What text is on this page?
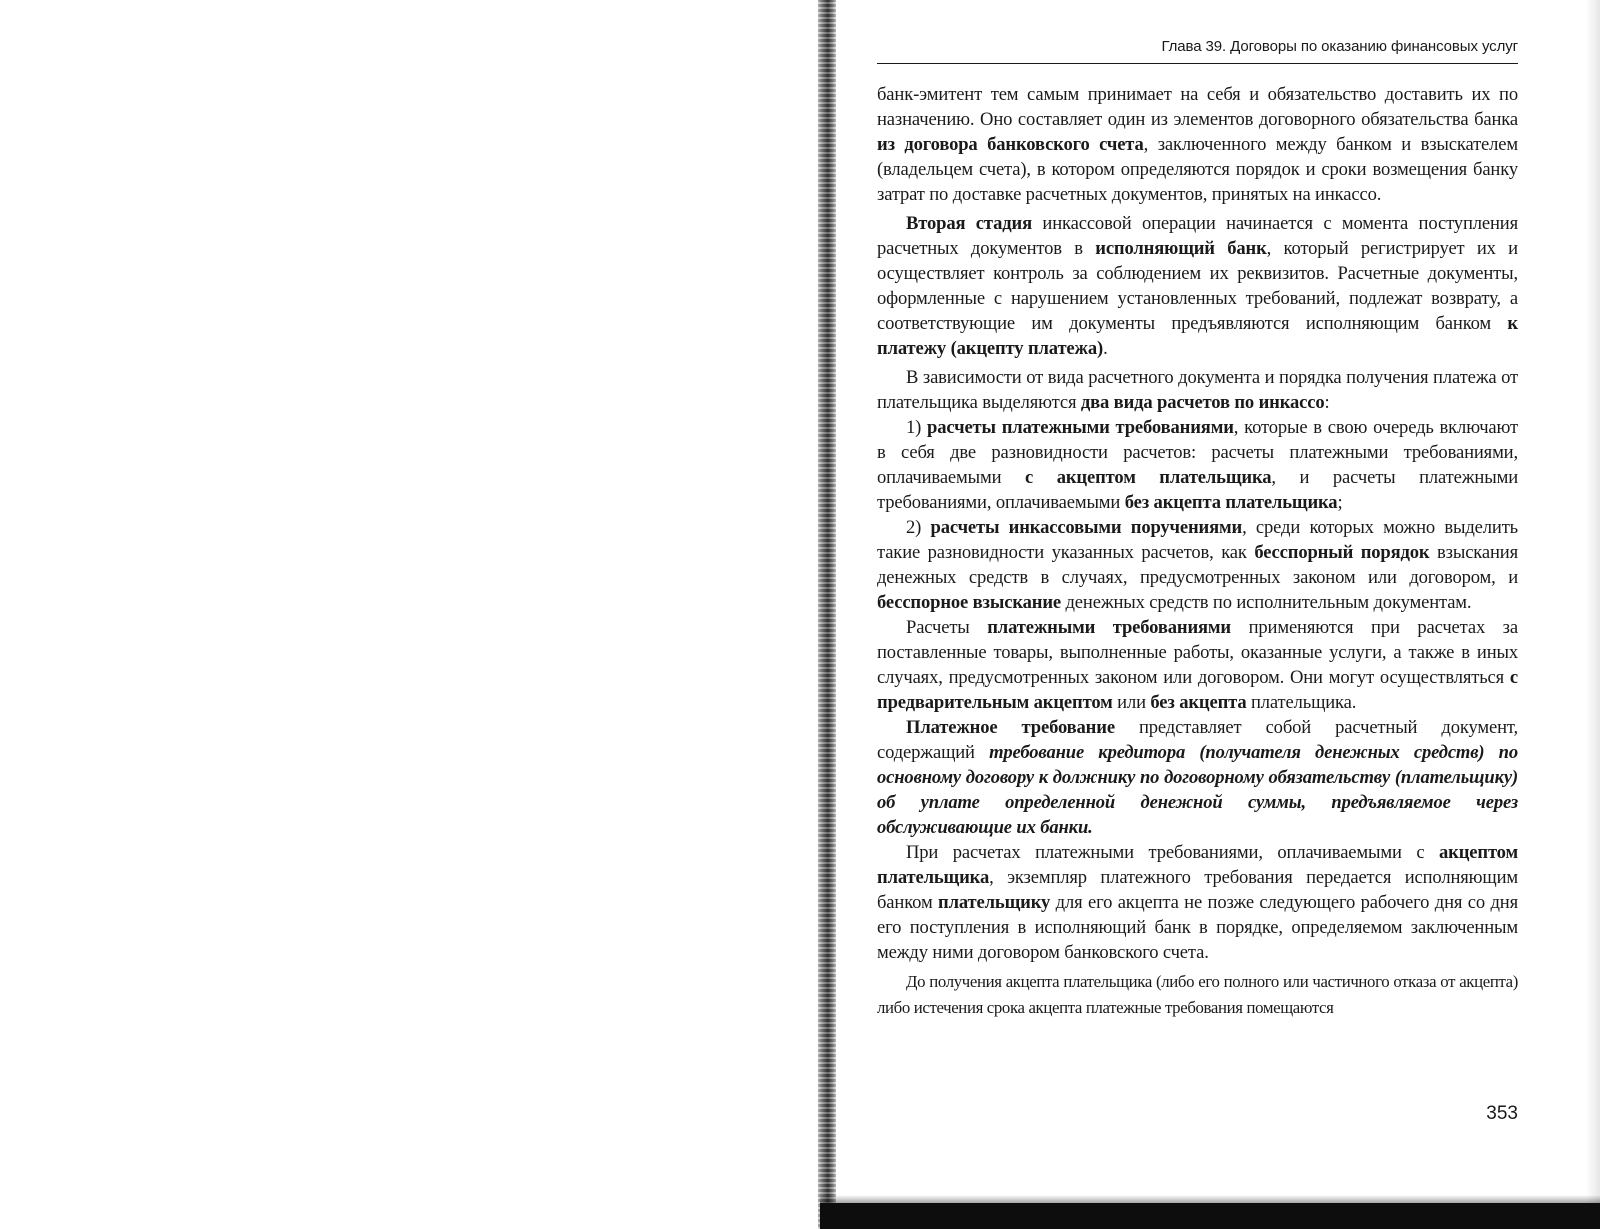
Глава 39. Договоры по оказанию финансовых услуг

банк-эмитент тем самым принимает на себя и обязательство доставить их по назначению. Оно составляет один из элементов договорного обязательства банка из договора банковского счета, заключенного между банком и взыскателем (владельцем счета), в котором определяются порядок и сроки возмещения банку затрат по доставке расчетных документов, принятых на инкассо.

Вторая стадия инкассовой операции начинается с момента поступления расчетных документов в исполняющий банк, который регистрирует их и осуществляет контроль за соблюдением их реквизитов. Расчетные документы, оформленные с нарушением установленных требований, подлежат возврату, а соответствующие им документы предъявляются исполняющим банком к платежу (акцепту платежа).

В зависимости от вида расчетного документа и порядка получения платежа от плательщика выделяются два вида расчетов по инкассо:

1) расчеты платежными требованиями, которые в свою очередь включают в себя две разновидности расчетов: расчеты платежными требованиями, оплачиваемыми с акцептом плательщика, и расчеты платежными требованиями, оплачиваемыми без акцепта плательщика;

2) расчеты инкассовыми поручениями, среди которых можно выделить такие разновидности указанных расчетов, как бесспорный порядок взыскания денежных средств в случаях, предусмотренных законом или договором, и бесспорное взыскание денежных средств по исполнительным документам.

Расчеты платежными требованиями применяются при расчетах за поставленные товары, выполненные работы, оказанные услуги, а также в иных случаях, предусмотренных законом или договором. Они могут осуществляться с предварительным акцептом или без акцепта плательщика.

Платежное требование представляет собой расчетный документ, содержащий требование кредитора (получателя денежных средств) по основному договору к должнику по договорному обязательству (плательщику) об уплате определенной денежной суммы, предъявляемое через обслуживающие их банки.

При расчетах платежными требованиями, оплачиваемыми с акцептом плательщика, экземпляр платежного требования передается исполняющим банком плательщику для его акцепта не позже следующего рабочего дня со дня его поступления в исполняющий банк в порядке, определяемом заключенным между ними договором банковского счета.

До получения акцепта плательщика (либо его полного или частичного отказа от акцепта) либо истечения срока акцепта платежные требования помещаются

353
